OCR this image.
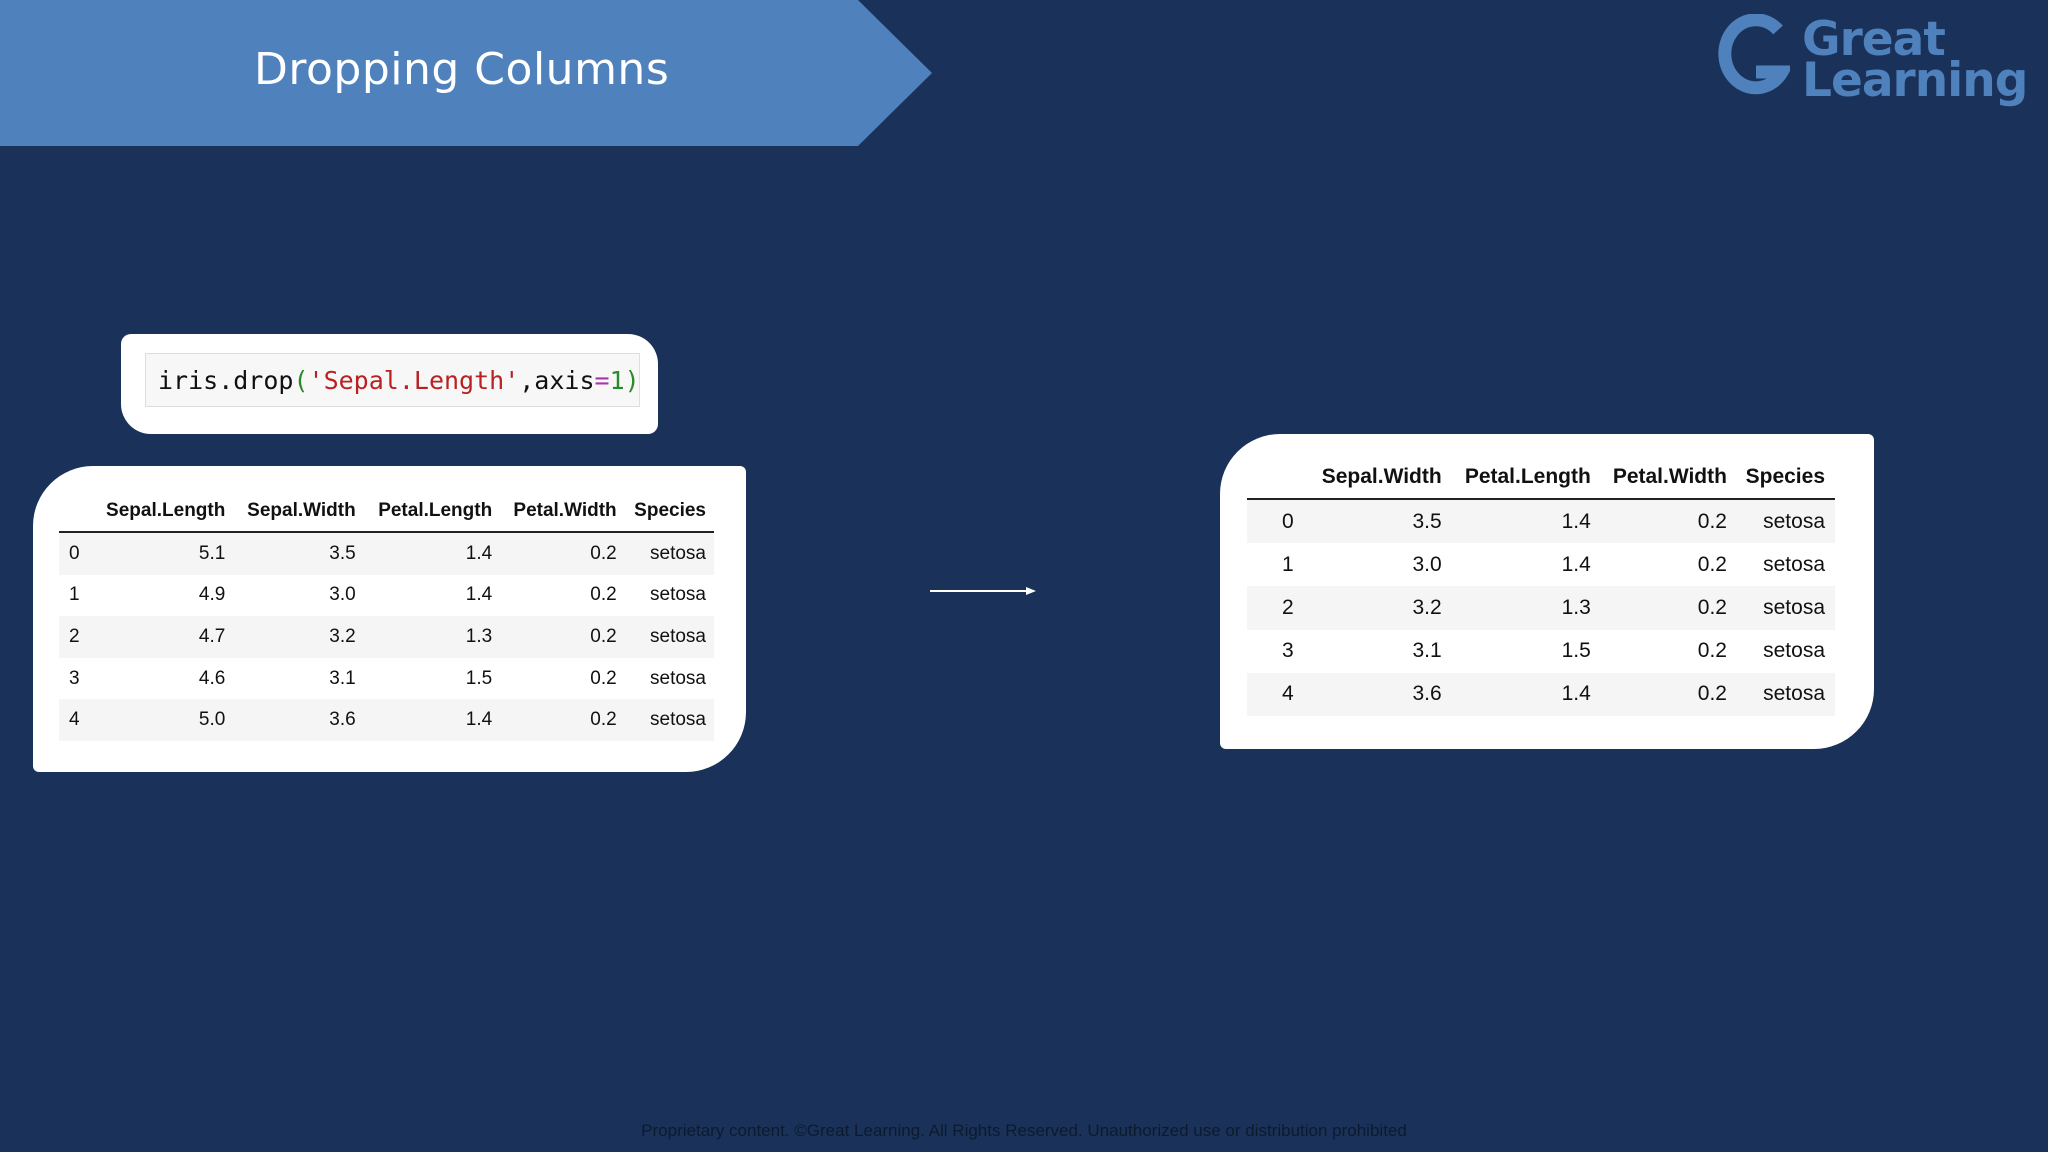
Dropping Columns
Great
Learning
iris.drop('Sepal.Length',axis=1)
	Sepal.Length	Sepal.Width	Petal.Length	Petal.Width	Species
0	5.1	3.5	1.4	0.2	setosa
1	4.9	3.0	1.4	0.2	setosa
2	4.7	3.2	1.3	0.2	setosa
3	4.6	3.1	1.5	0.2	setosa
4	5.0	3.6	1.4	0.2	setosa
	Sepal.Width	Petal.Length	Petal.Width	Species
0	3.5	1.4	0.2	setosa
1	3.0	1.4	0.2	setosa
2	3.2	1.3	0.2	setosa
3	3.1	1.5	0.2	setosa
4	3.6	1.4	0.2	setosa
Proprietary content. ©Great Learning. All Rights Reserved. Unauthorized use or distribution prohibited
